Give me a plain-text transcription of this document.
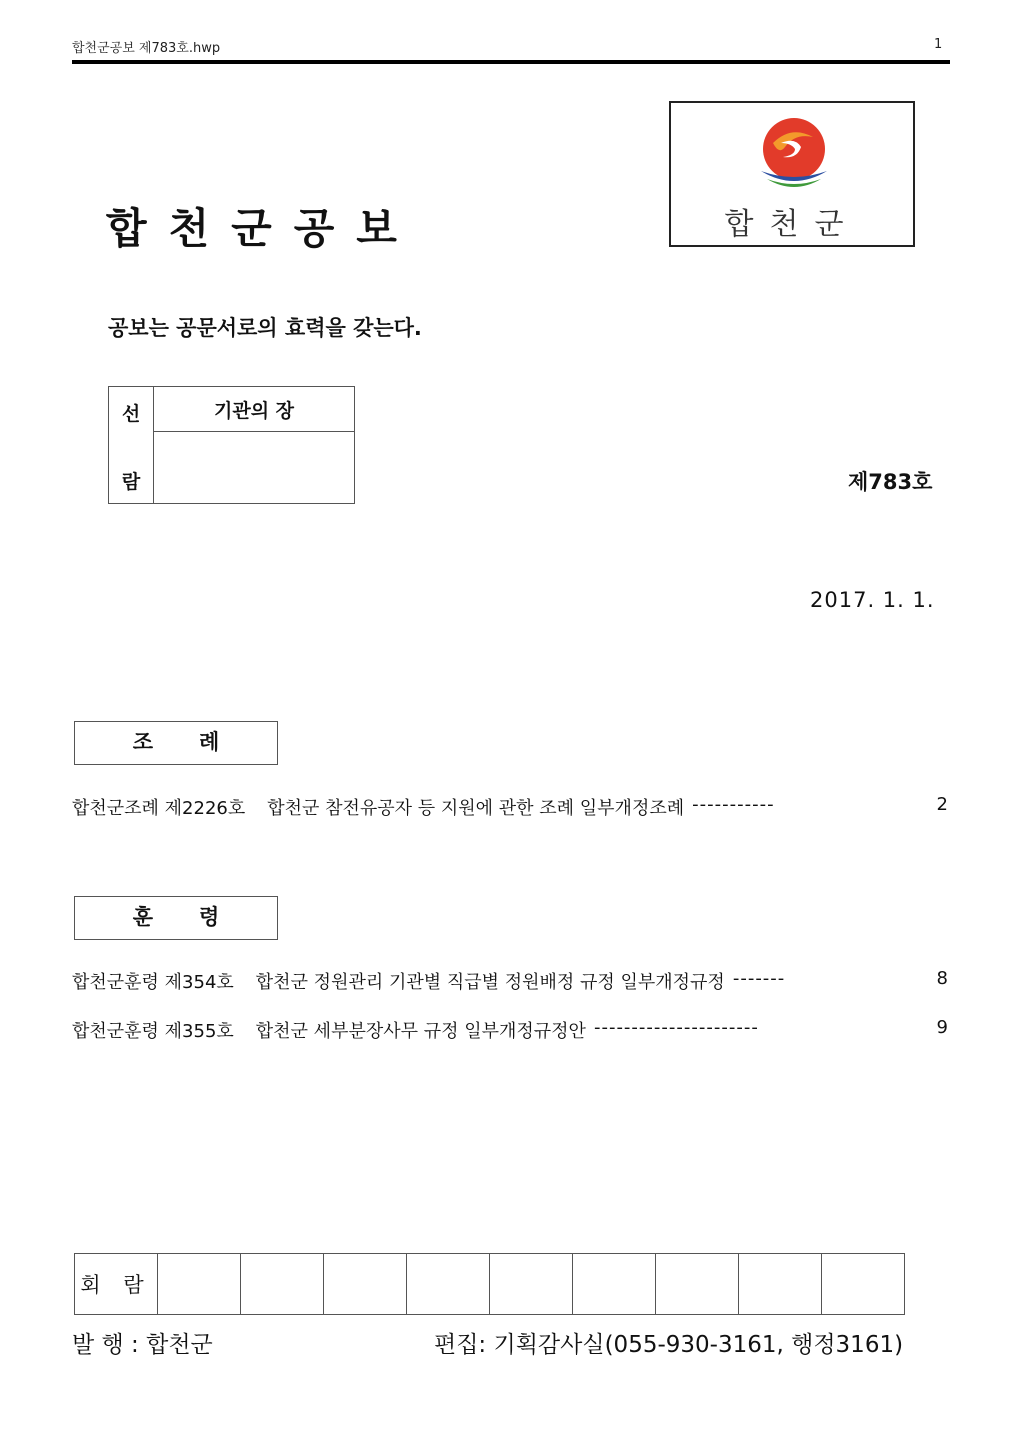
합천군공보 제783호.hwp	1
합천군공보	합천군
공보는 공문서로의 효력을 갖는다.
선
람
	기관의 장

제783호
2017. 1. 1.
조례
합천군조례 제2226호 합천군 참전유공자 등 지원에 관한 조례 일부개정조례 -----------	2
훈령
합천군훈령 제354호 합천군 정원관리 기관별 직급별 정원배정 규정 일부개정규정 -------	8
합천군훈령 제355호 합천군 세부분장사무 규정 일부개정규정안 ----------------------	9
회 람									
발 행 : 합천군	편집: 기획감사실(055-930-3161, 행정3161)
